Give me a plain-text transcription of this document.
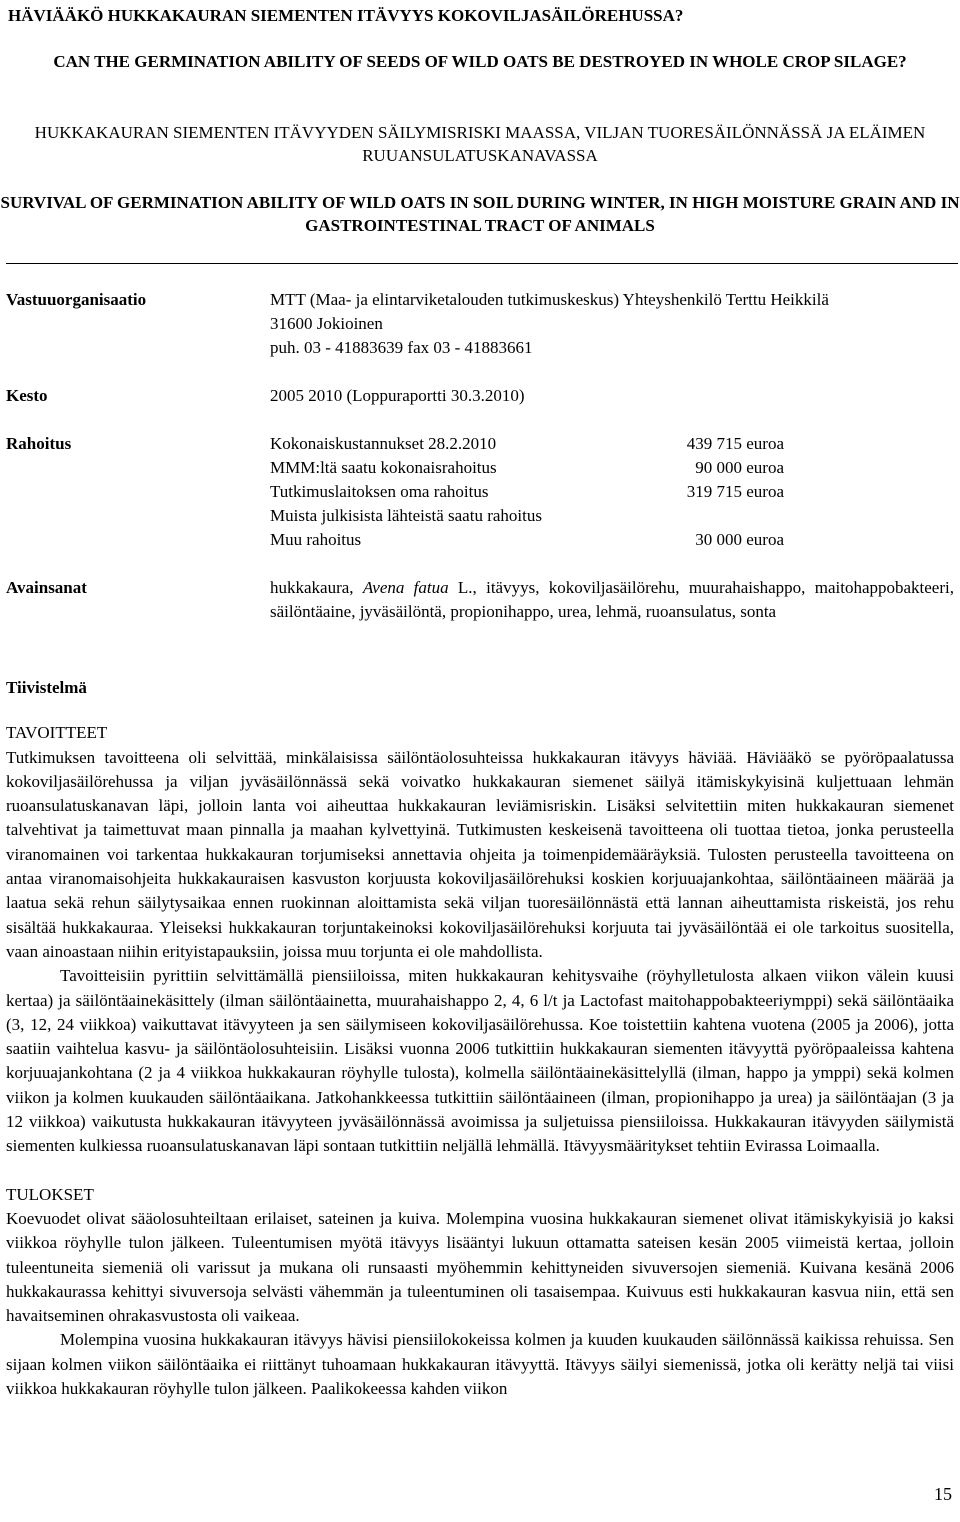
HÄVIÄÄKÖ HUKKAKAURAN SIEMENTEN ITÄVYYS KOKOVILJASÄILÖREHUSSA?
CAN THE GERMINATION ABILITY OF SEEDS OF WILD OATS BE DESTROYED IN WHOLE CROP SILAGE?
HUKKAKAURAN SIEMENTEN ITÄVYYDEN SÄILYMISRISKI MAASSA, VILJAN TUORESÄILÖNNÄSSÄ JA ELÄIMEN RUUANSULATUSKANAVASSA
SURVIVAL OF GERMINATION ABILITY OF WILD OATS IN SOIL DURING WINTER, IN HIGH MOISTURE GRAIN AND IN GASTROINTESTINAL TRACT OF ANIMALS
Vastuuorganisaatio	MTT (Maa- ja elintarviketalouden tutkimuskeskus) Yhteyshenkilö Terttu Heikkilä
31600 Jokioinen
puh. 03 - 41883639 fax 03 - 41883661
Kesto	2005 2010 (Loppuraportti 30.3.2010)
Rahoitus	Kokonaiskustannukset 28.2.2010	439 715 euroa
MMM:ltä saatu kokonaisrahoitus	90 000 euroa
Tutkimuslaitoksen oma rahoitus	319 715 euroa
Muista julkisista lähteistä saatu rahoitus
Muu rahoitus	30 000 euroa
Avainsanat	hukkakaura, Avena fatua L., itävyys, kokoviljasäilörehu, muurahaishappo, maitohappobakteeri, säilöntäaine, jyväsäilöntä, propionihappo, urea, lehmä, ruoansulatus, sonta

Tiivistelmä

TAVOITTEET

Tutkimuksen tavoitteena oli selvittää, minkälaisissa säilöntäolosuhteissa hukkakauran itävyys häviää. Häviääkö se pyöröpaalatussa kokoviljasäilörehussa ja viljan jyväsäilönnässä sekä voivatko hukkakauran siemenet säilyä itämiskykyisinä kuljettuaan lehmän ruoansulatuskanavan läpi, jolloin lanta voi aiheuttaa hukkakauran leviämisriskin. Lisäksi selvitettiin miten hukkakauran siemenet talvehtivat ja taimettuvat maan pinnalla ja maahan kylvettyinä. Tutkimusten keskeisenä tavoitteena oli tuottaa tietoa, jonka perusteella viranomainen voi tarkentaa hukkakauran torjumiseksi annettavia ohjeita ja toimenpidemääräyksiä. Tulosten perusteella tavoitteena on antaa viranomaisohjeita hukkakauraisen kasvuston korjuusta kokoviljasäilörehuksi koskien korjuuajankohtaa, säilöntäaineen määrää ja laatua sekä rehun säilytysaikaa ennen ruokinnan aloittamista sekä viljan tuoresäilönnästä että lannan aiheuttamista riskeistä, jos rehu sisältää hukkakauraa. Yleiseksi hukkakauran torjuntakeinoksi kokoviljasäilörehuksi korjuuta tai jyväsäilöntää ei ole tarkoitus suositella, vaan ainoastaan niihin erityistapauksiin, joissa muu torjunta ei ole mahdollista.

Tavoitteisiin pyrittiin selvittämällä piensiiloissa, miten hukkakauran kehitysvaihe (röyhylletulosta alkaen viikon välein kuusi kertaa) ja säilöntäainekäsittely (ilman säilöntäainetta, muurahaishappo 2, 4, 6 l/t ja Lactofast maitohappobakteeriymppi) sekä säilöntäaika (3, 12, 24 viikkoa) vaikuttavat itävyyteen ja sen säilymiseen kokoviljasäilörehussa. Koe toistettiin kahtena vuotena (2005 ja 2006), jotta saatiin vaihtelua kasvu- ja säilöntäolosuhteisiin. Lisäksi vuonna 2006 tutkittiin hukkakauran siementen itävyyttä pyöröpaaleissa kahtena korjuuajankohtana (2 ja 4 viikkoa hukkakauran röyhylle tulosta), kolmella säilöntäainekäsittelyllä (ilman, happo ja ymppi) sekä kolmen viikon ja kolmen kuukauden säilöntäaikana. Jatkohankkeessa tutkittiin säilöntäaineen (ilman, propionihappo ja urea) ja säilöntäajan (3 ja 12 viikkoa) vaikutusta hukkakauran itävyyteen jyväsäilönnässä avoimissa ja suljetuissa piensiiloissa. Hukkakauran itävyyden säilymistä siementen kulkiessa ruoansulatuskanavan läpi sontaan tutkittiin neljällä lehmällä. Itävyysmääritykset tehtiin Evirassa Loimaalla.

TULOKSET

Koevuodet olivat sääolosuhteiltaan erilaiset, sateinen ja kuiva. Molempina vuosina hukkakauran siemenet olivat itämiskykyisiä jo kaksi viikkoa röyhylle tulon jälkeen. Tuleentumisen myötä itävyys lisääntyi lukuun ottamatta sateisen kesän 2005 viimeistä kertaa, jolloin tuleentuneita siemeniä oli varissut ja mukana oli runsaasti myöhemmin kehittyneiden sivuversojen siemeniä. Kuivana kesänä 2006 hukkakaurassa kehittyi sivuversoja selvästi vähemmän ja tuleentuminen oli tasaisempaa. Kuivuus esti hukkakauran kasvua niin, että sen havaitseminen ohrakasvustosta oli vaikeaa.

Molempina vuosina hukkakauran itävyys hävisi piensiilokokeissa kolmen ja kuuden kuukauden säilönnässä kaikissa rehuissa. Sen sijaan kolmen viikon säilöntäaika ei riittänyt tuhoamaan hukkakauran itävyyttä. Itävyys säilyi siemenissä, jotka oli kerätty neljä tai viisi viikkoa hukkakauran röyhylle tulon jälkeen. Paalikokeessa kahden viikon

15
